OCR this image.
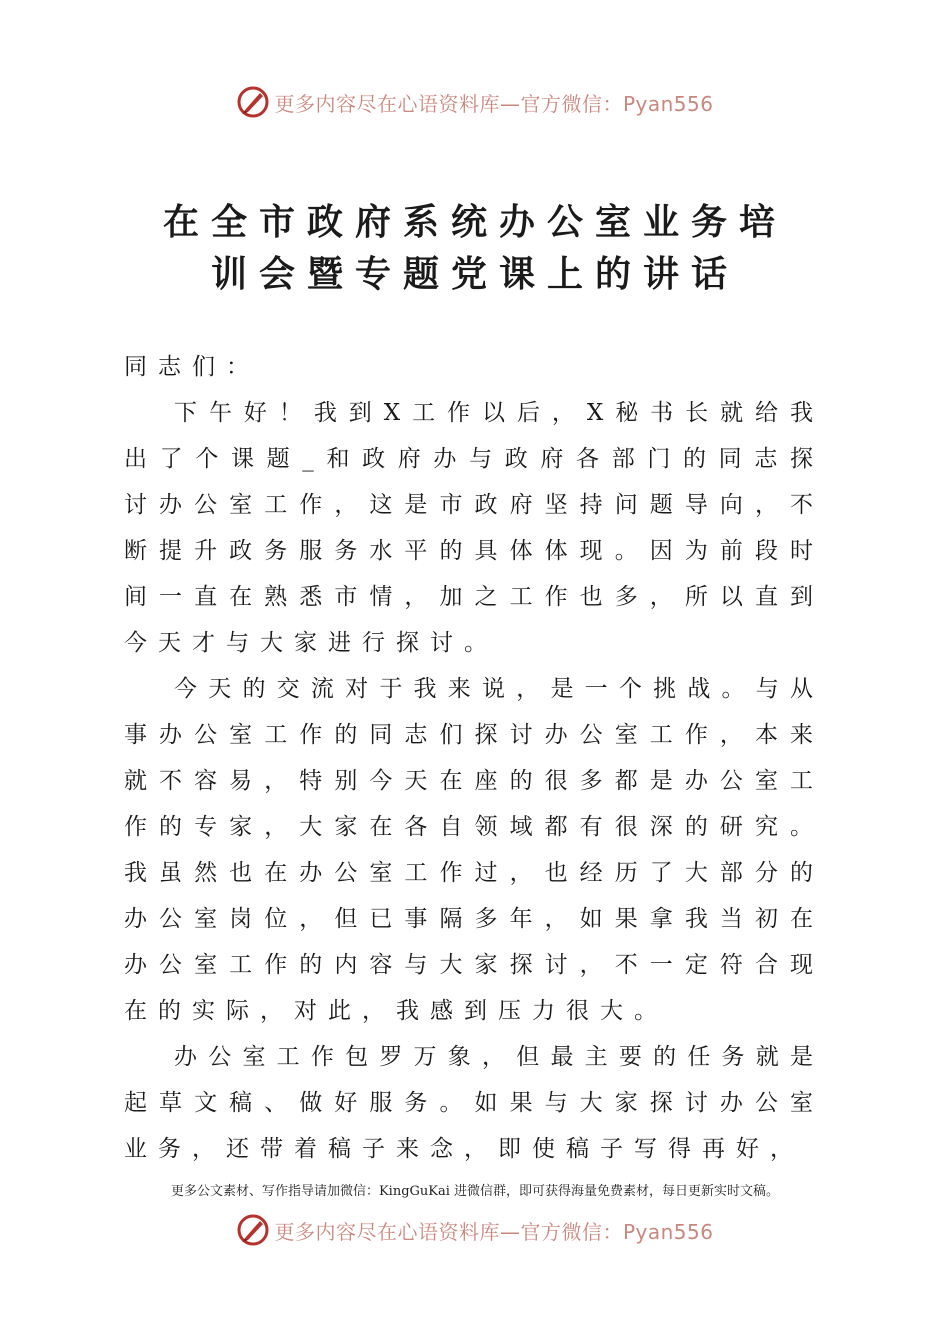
更多内容尽在心语资料库—官方微信：Pyan556
在全市政府系统办公室业务培
训会暨专题党课上的讲话

同志们：

下午好！我到X工作以后，X秘书长就给我出了个课题_和政府办与政府各部门的同志探讨办公室工作，这是市政府坚持问题导向，不断提升政务服务水平的具体体现。因为前段时间一直在熟悉市情，加之工作也多，所以直到今天才与大家进行探讨。

今天的交流对于我来说，是一个挑战。与从事办公室工作的同志们探讨办公室工作，本来就不容易，特别今天在座的很多都是办公室工作的专家，大家在各自领域都有很深的研究。我虽然也在办公室工作过，也经历了大部分的办公室岗位，但已事隔多年，如果拿我当初在办公室工作的内容与大家探讨，不一定符合现在的实际，对此，我感到压力很大。

办公室工作包罗万象，但最主要的任务就是起草文稿、做好服务。如果与大家探讨办公室业务，还带着稿子来念，即使稿子写得再好，

更多公文素材、写作指导请加微信：KingGuKai 进微信群，即可获得海量免费素材，每日更新实时文稿。
更多内容尽在心语资料库—官方微信：Pyan556
